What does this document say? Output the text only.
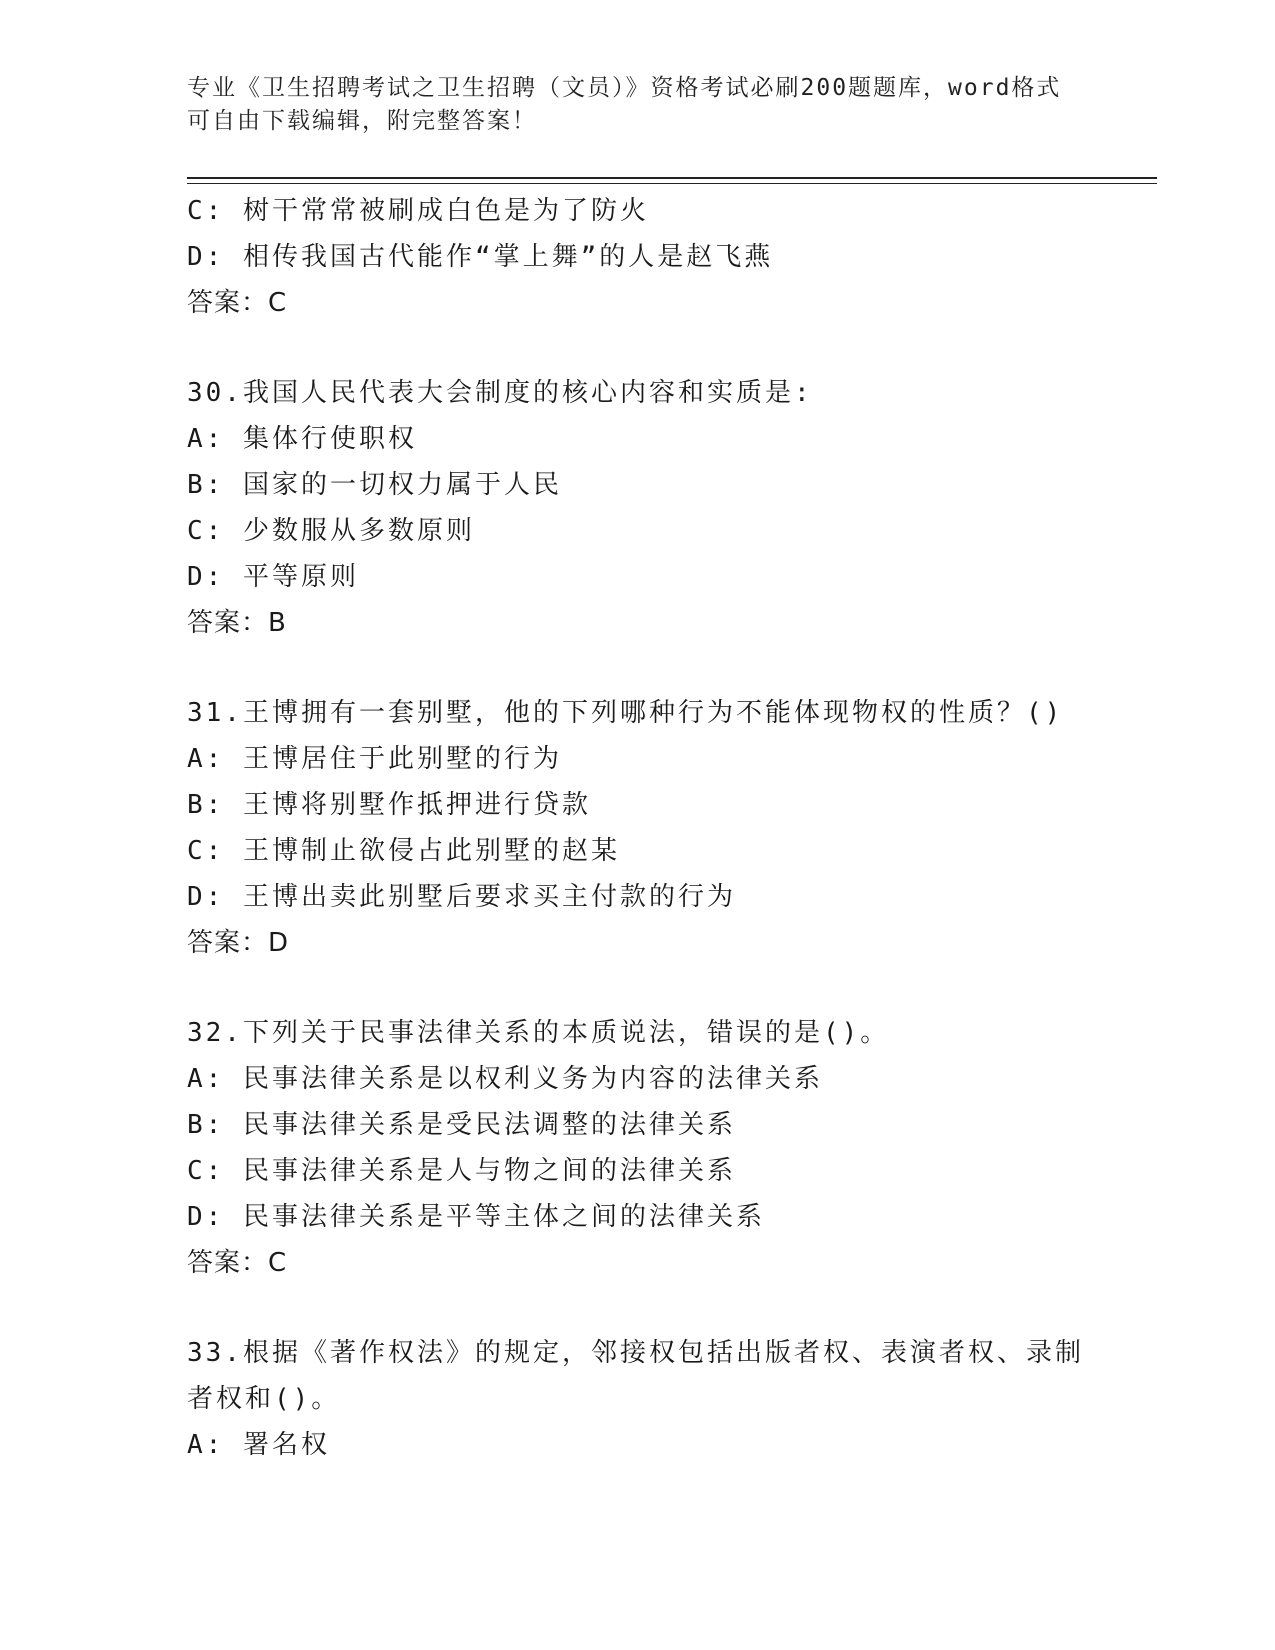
专业《卫生招聘考试之卫生招聘（文员）》资格考试必刷200题题库，word格式
可自由下载编辑，附完整答案！
C: 树干常常被刷成白色是为了防火
D: 相传我国古代能作“掌上舞”的人是赵飞燕
答案：C
30.我国人民代表大会制度的核心内容和实质是:
A: 集体行使职权
B: 国家的一切权力属于人民
C: 少数服从多数原则
D: 平等原则
答案：B
31.王博拥有一套别墅，他的下列哪种行为不能体现物权的性质？()
A: 王博居住于此别墅的行为
B: 王博将别墅作抵押进行贷款
C: 王博制止欲侵占此别墅的赵某
D: 王博出卖此别墅后要求买主付款的行为
答案：D
32.下列关于民事法律关系的本质说法，错误的是()。
A: 民事法律关系是以权利义务为内容的法律关系
B: 民事法律关系是受民法调整的法律关系
C: 民事法律关系是人与物之间的法律关系
D: 民事法律关系是平等主体之间的法律关系
答案：C
33.根据《著作权法》的规定，邻接权包括出版者权、表演者权、录制
者权和()。
A: 署名权
